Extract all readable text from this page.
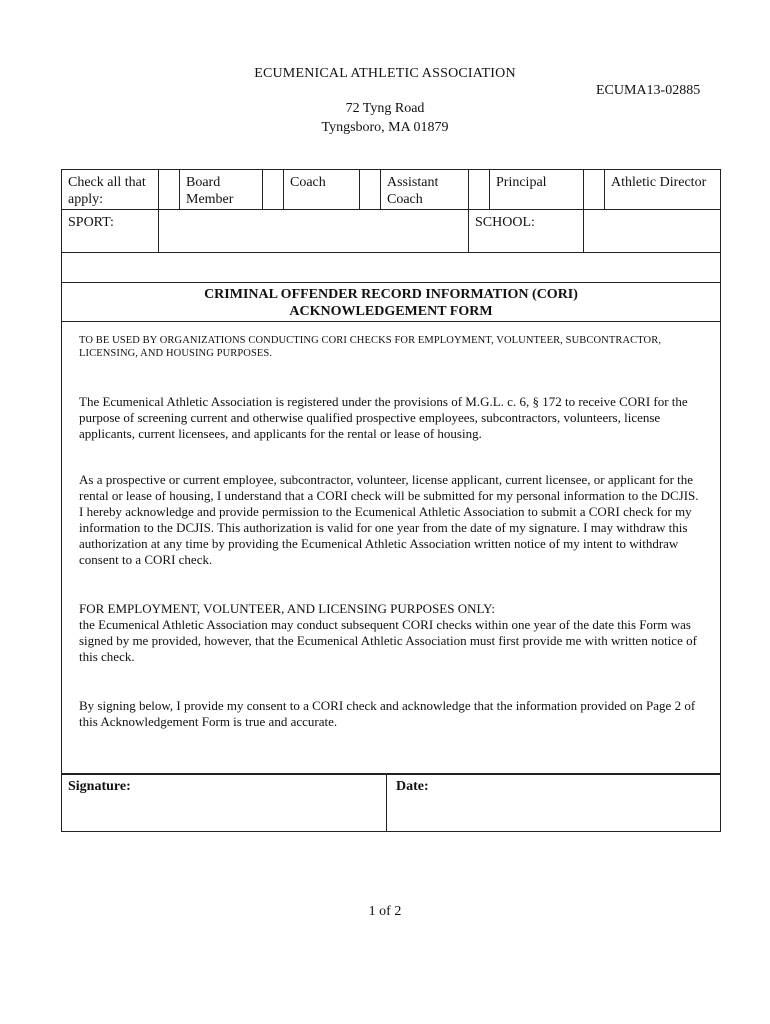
ECUMENICAL ATHLETIC ASSOCIATION
ECUMA13-02885
72 Tyng Road
Tyngsboro, MA 01879
Check all that apply:		Board Member		Coach		Assistant Coach		Principal		Athletic Director
SPORT:							SCHOOL:			
CRIMINAL OFFENDER RECORD INFORMATION (CORI)
ACKNOWLEDGEMENT FORM
TO BE USED BY ORGANIZATIONS CONDUCTING CORI CHECKS FOR EMPLOYMENT, VOLUNTEER, SUBCONTRACTOR, LICENSING, AND HOUSING PURPOSES.
The Ecumenical Athletic Association is registered under the provisions of M.G.L. c. 6, § 172 to receive CORI for the purpose of screening current and otherwise qualified prospective employees, subcontractors, volunteers, license applicants, current licensees, and applicants for the rental or lease of housing.
As a prospective or current employee, subcontractor, volunteer, license applicant, current licensee, or applicant for the rental or lease of housing, I understand that a CORI check will be submitted for my personal information to the DCJIS. I hereby acknowledge and provide permission to the Ecumenical Athletic Association to submit a CORI check for my information to the DCJIS. This authorization is valid for one year from the date of my signature. I may withdraw this authorization at any time by providing the Ecumenical Athletic Association written notice of my intent to withdraw consent to a CORI check.
FOR EMPLOYMENT, VOLUNTEER, AND LICENSING PURPOSES ONLY:
the Ecumenical Athletic Association may conduct subsequent CORI checks within one year of the date this Form was signed by me provided, however, that the Ecumenical Athletic Association must first provide me with written notice of this check.
By signing below, I provide my consent to a CORI check and acknowledge that the information provided on Page 2 of this Acknowledgement Form is true and accurate.
Signature:	Date:
1 of 2
